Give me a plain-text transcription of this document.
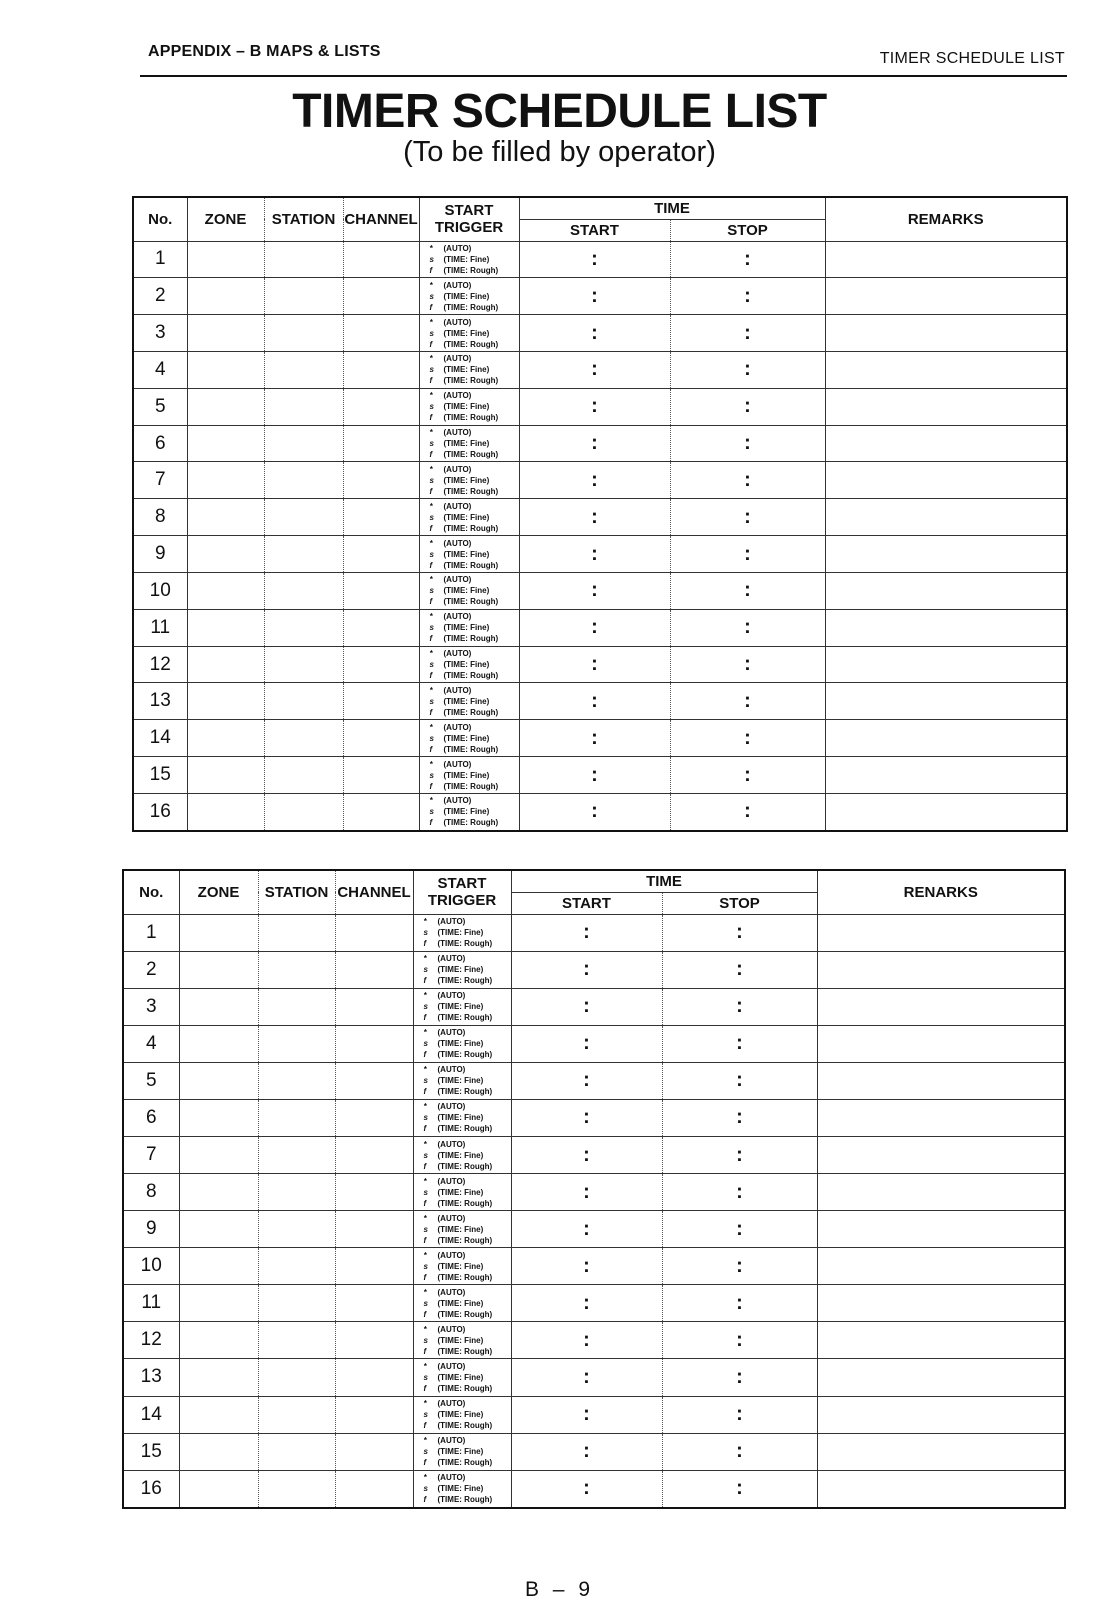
APPENDIX – B MAPS & LISTS	TIMER SCHEDULE LIST
TIMER SCHEDULE LIST
(To be filled by operator)
No.	ZONE	STATION	CHANNEL	START
TRIGGER	TIME		REMARKS
					START	STOP	
1				* (AUTO)
s (TIME: Fine)
f (TIME: Rough)	:	:	
2				* (AUTO)
s (TIME: Fine)
f (TIME: Rough)	:	:	
3				* (AUTO)
s (TIME: Fine)
f (TIME: Rough)	:	:	
4				* (AUTO)
s (TIME: Fine)
f (TIME: Rough)	:	:	
5				* (AUTO)
s (TIME: Fine)
f (TIME: Rough)	:	:	
6				* (AUTO)
s (TIME: Fine)
f (TIME: Rough)	:	:	
7				* (AUTO)
s (TIME: Fine)
f (TIME: Rough)	:	:	
8				* (AUTO)
s (TIME: Fine)
f (TIME: Rough)	:	:	
9				* (AUTO)
s (TIME: Fine)
f (TIME: Rough)	:	:	
10				* (AUTO)
s (TIME: Fine)
f (TIME: Rough)	:	:	
11				* (AUTO)
s (TIME: Fine)
f (TIME: Rough)	:	:	
12				* (AUTO)
s (TIME: Fine)
f (TIME: Rough)	:	:	
13				* (AUTO)
s (TIME: Fine)
f (TIME: Rough)	:	:	
14				* (AUTO)
s (TIME: Fine)
f (TIME: Rough)	:	:	
15				* (AUTO)
s (TIME: Fine)
f (TIME: Rough)	:	:	
16				* (AUTO)
s (TIME: Fine)
f (TIME: Rough)	:	:	
No.	ZONE	STATION	CHANNEL	START
TRIGGER	TIME		RENARKS
					START	STOP	
1				* (AUTO)
s (TIME: Fine)
f (TIME: Rough)	:	:	
2				* (AUTO)
s (TIME: Fine)
f (TIME: Rough)	:	:	
3				* (AUTO)
s (TIME: Fine)
f (TIME: Rough)	:	:	
4				* (AUTO)
s (TIME: Fine)
f (TIME: Rough)	:	:	
5				* (AUTO)
s (TIME: Fine)
f (TIME: Rough)	:	:	
6				* (AUTO)
s (TIME: Fine)
f (TIME: Rough)	:	:	
7				* (AUTO)
s (TIME: Fine)
f (TIME: Rough)	:	:	
8				* (AUTO)
s (TIME: Fine)
f (TIME: Rough)	:	:	
9				* (AUTO)
s (TIME: Fine)
f (TIME: Rough)	:	:	
10				* (AUTO)
s (TIME: Fine)
f (TIME: Rough)	:	:	
11				* (AUTO)
s (TIME: Fine)
f (TIME: Rough)	:	:	
12				* (AUTO)
s (TIME: Fine)
f (TIME: Rough)	:	:	
13				* (AUTO)
s (TIME: Fine)
f (TIME: Rough)	:	:	
14				* (AUTO)
s (TIME: Fine)
f (TIME: Rough)	:	:	
15				* (AUTO)
s (TIME: Fine)
f (TIME: Rough)	:	:	
16				* (AUTO)
s (TIME: Fine)
f (TIME: Rough)	:	:	
B – 9
